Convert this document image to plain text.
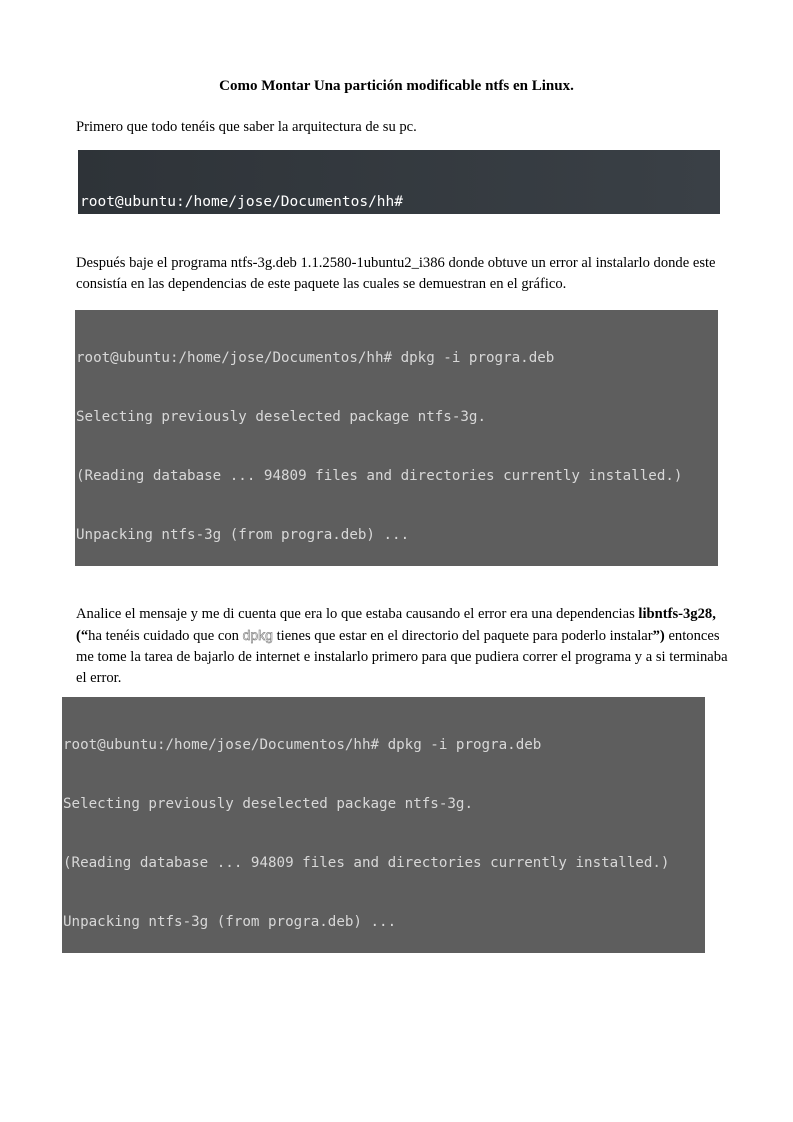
Como Montar Una partición modificable ntfs en Linux.

Primero que todo tenéis que saber la arquitectura de su pc.

root@ubuntu:/home/jose/Documentos/hh#

Después baje el programa ntfs-3g.deb 1.1.2580-1ubuntu2_i386 donde obtuve un error al instalarlo donde este consistía en las dependencias de este paquete las cuales se demuestran en el gráfico.

root@ubuntu:/home/jose/Documentos/hh# dpkg -i progra.deb

Selecting previously deselected package ntfs-3g.

(Reading database ... 94809 files and directories currently installed.)

Unpacking ntfs-3g (from progra.deb) ...

Analice el mensaje y me di cuenta que era lo que estaba causando el error era una dependencias libntfs-3g28,(“ha tenéis cuidado que con dpkg tienes que estar en el directorio del paquete para poderlo instalar”) entonces me tome la tarea de bajarlo de internet e instalarlo primero para que pudiera correr el programa y a si terminaba el error.

root@ubuntu:/home/jose/Documentos/hh# dpkg -i progra.deb

Selecting previously deselected package ntfs-3g.

(Reading database ... 94809 files and directories currently installed.)

Unpacking ntfs-3g (from progra.deb) ...
